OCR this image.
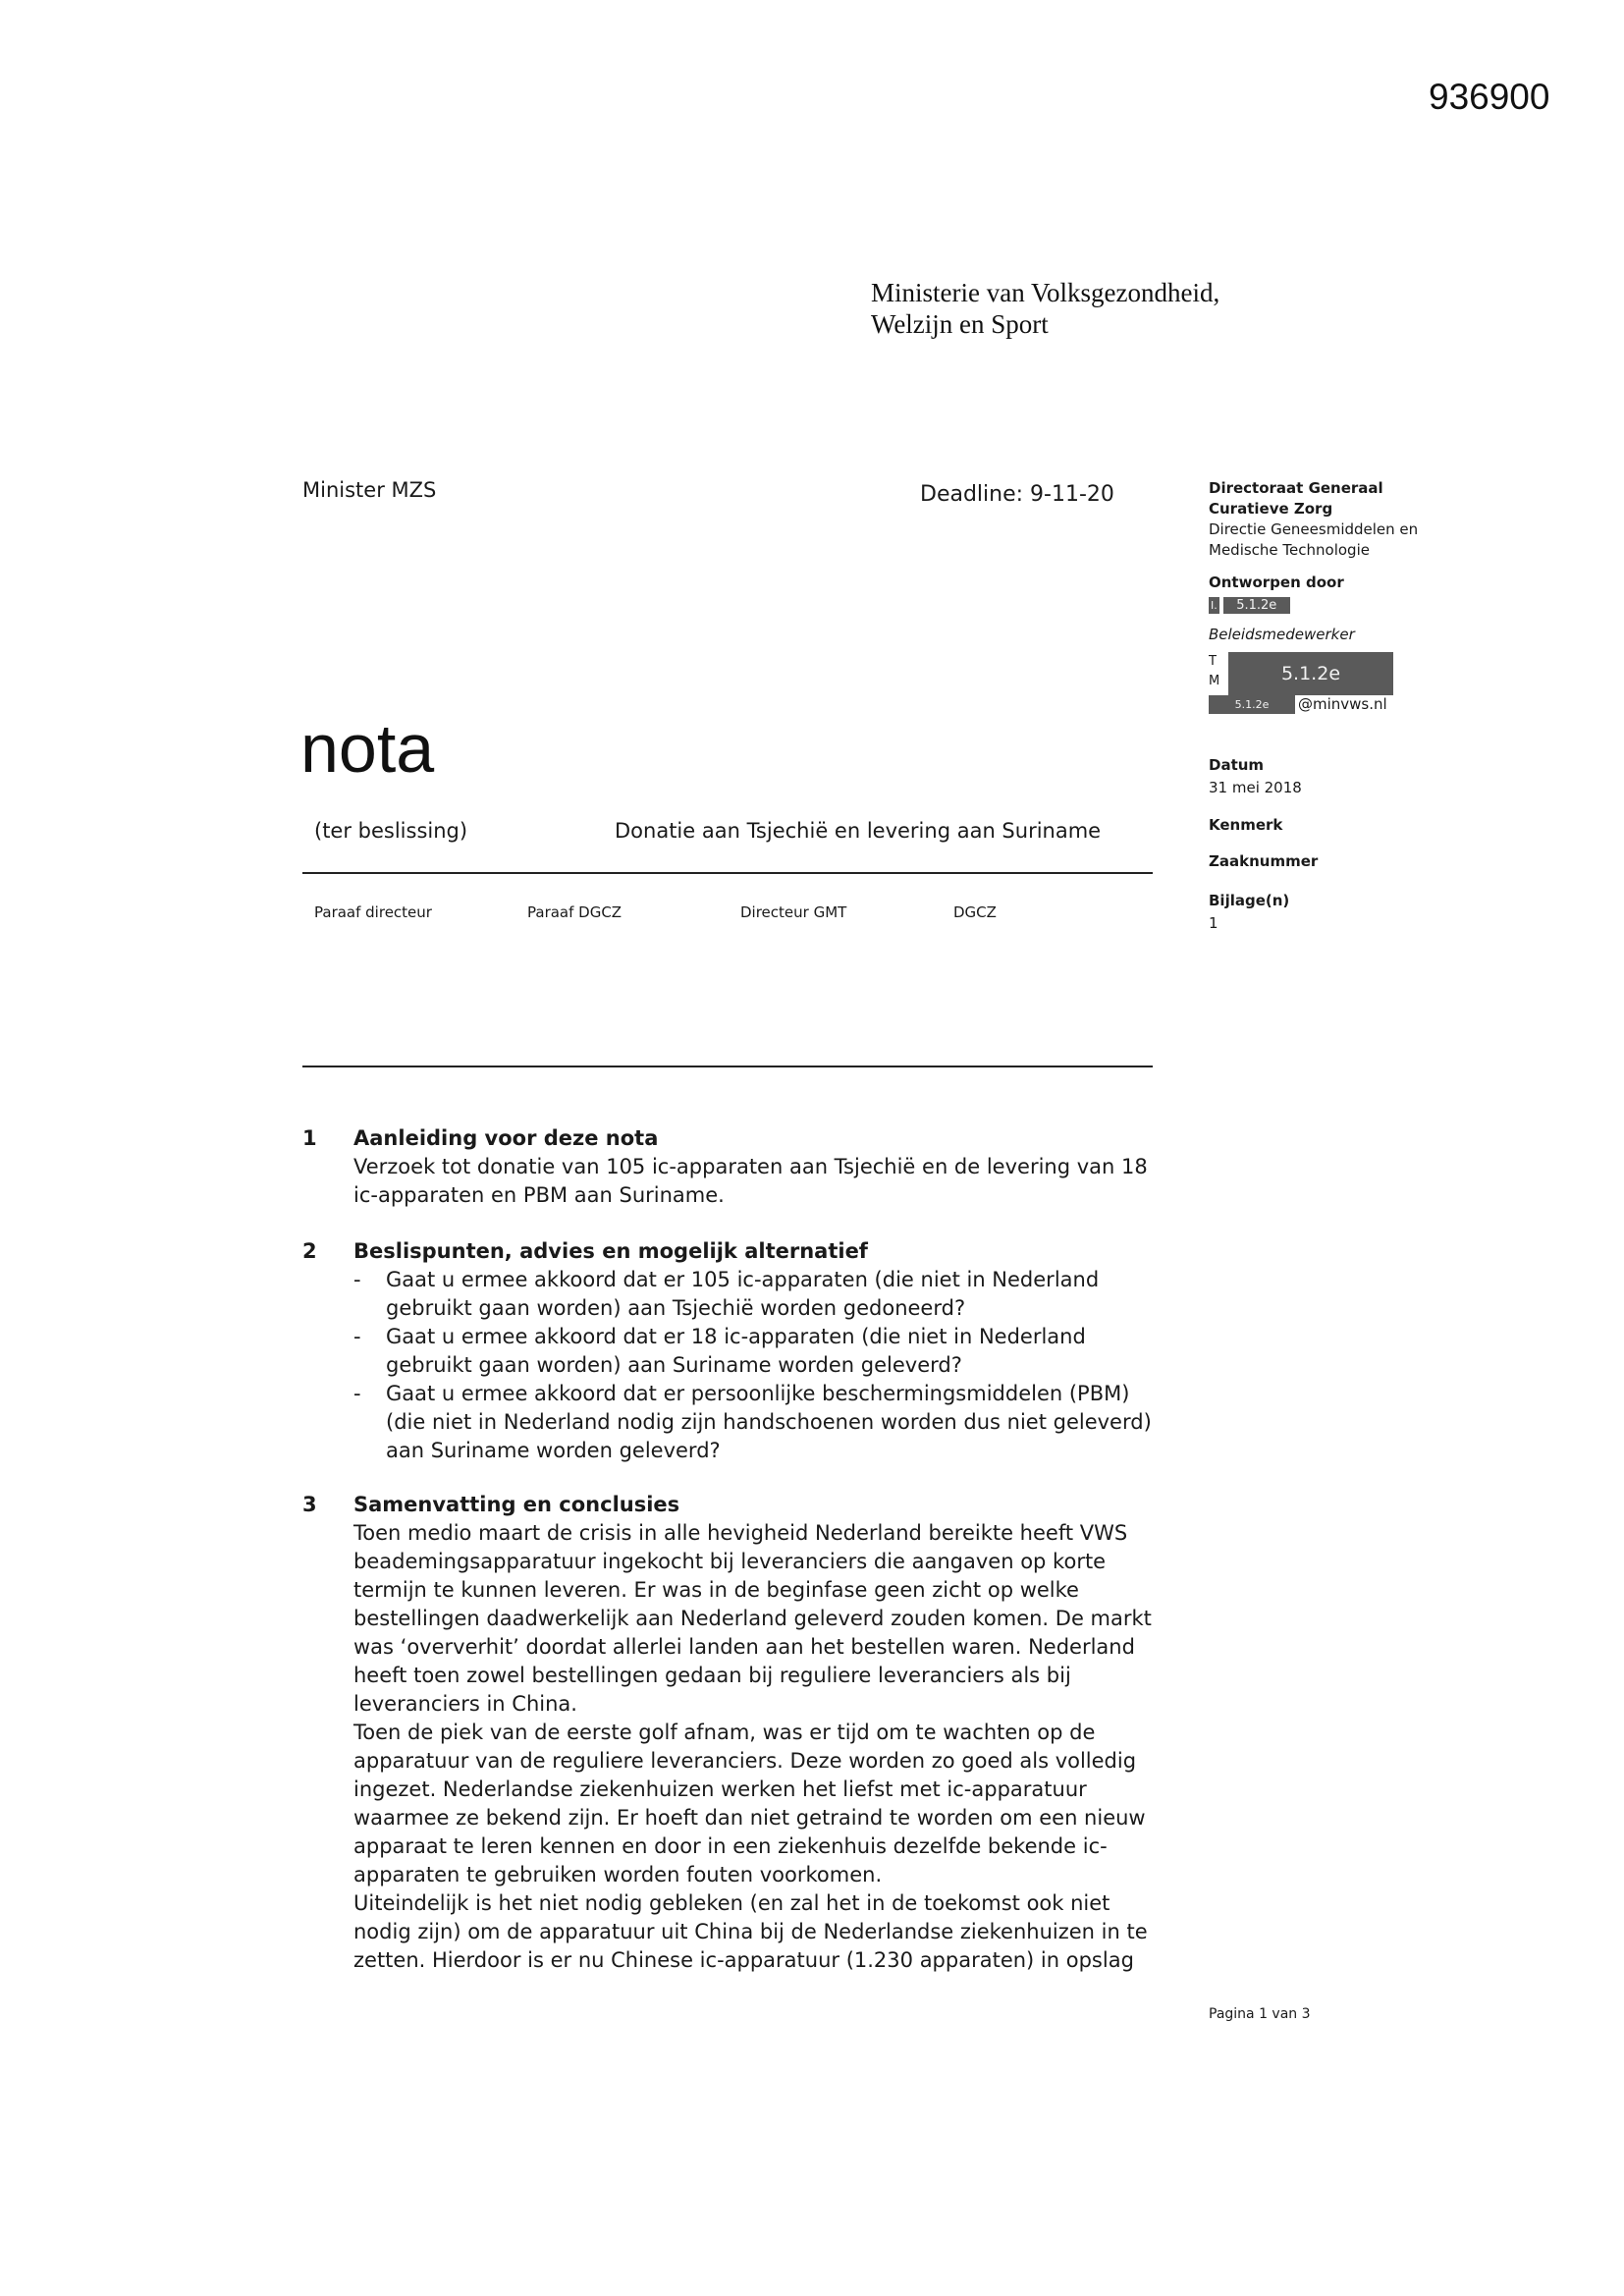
936900
Ministerie van Volksgezondheid,
Welzijn en Sport
Minister MZS	Deadline: 9-11-20
nota
(ter beslissing)	Donatie aan Tsjechië en levering aan Suriname
Paraaf directeur	Paraaf DGCZ	Directeur GMT	DGCZ
Directoraat Generaal
Curatieve Zorg
Directie Geneesmiddelen en
Medische Technologie
Ontworpen door
I. 5.1.2e
Beleidsmedewerker
T
M	5.1.2e
5.1.2e	@minvws.nl
Datum
31 mei 2018
Kenmerk
Zaaknummer
Bijlage(n)
1
1 Aanleiding voor deze nota

Verzoek tot donatie van 105 ic-apparaten aan Tsjechië en de levering van 18

ic-apparaten en PBM aan Suriname.

2 Beslispunten, advies en mogelijk alternatief
- Gaat u ermee akkoord dat er 105 ic-apparaten (die niet in Nederland
gebruikt gaan worden) aan Tsjechië worden gedoneerd?
- Gaat u ermee akkoord dat er 18 ic-apparaten (die niet in Nederland
gebruikt gaan worden) aan Suriname worden geleverd?
- Gaat u ermee akkoord dat er persoonlijke beschermingsmiddelen (PBM)
(die niet in Nederland nodig zijn handschoenen worden dus niet geleverd)
aan Suriname worden geleverd?
3 Samenvatting en conclusies

Toen medio maart de crisis in alle hevigheid Nederland bereikte heeft VWS

beademingsapparatuur ingekocht bij leveranciers die aangaven op korte

termijn te kunnen leveren. Er was in de beginfase geen zicht op welke

bestellingen daadwerkelijk aan Nederland geleverd zouden komen. De markt

was ‘oververhit’ doordat allerlei landen aan het bestellen waren. Nederland

heeft toen zowel bestellingen gedaan bij reguliere leveranciers als bij

leveranciers in China.

Toen de piek van de eerste golf afnam, was er tijd om te wachten op de

apparatuur van de reguliere leveranciers. Deze worden zo goed als volledig

ingezet. Nederlandse ziekenhuizen werken het liefst met ic-apparatuur

waarmee ze bekend zijn. Er hoeft dan niet getraind te worden om een nieuw

apparaat te leren kennen en door in een ziekenhuis dezelfde bekende ic-

apparaten te gebruiken worden fouten voorkomen.

Uiteindelijk is het niet nodig gebleken (en zal het in de toekomst ook niet

nodig zijn) om de apparatuur uit China bij de Nederlandse ziekenhuizen in te

zetten. Hierdoor is er nu Chinese ic-apparatuur (1.230 apparaten) in opslag

Pagina 1 van 3
